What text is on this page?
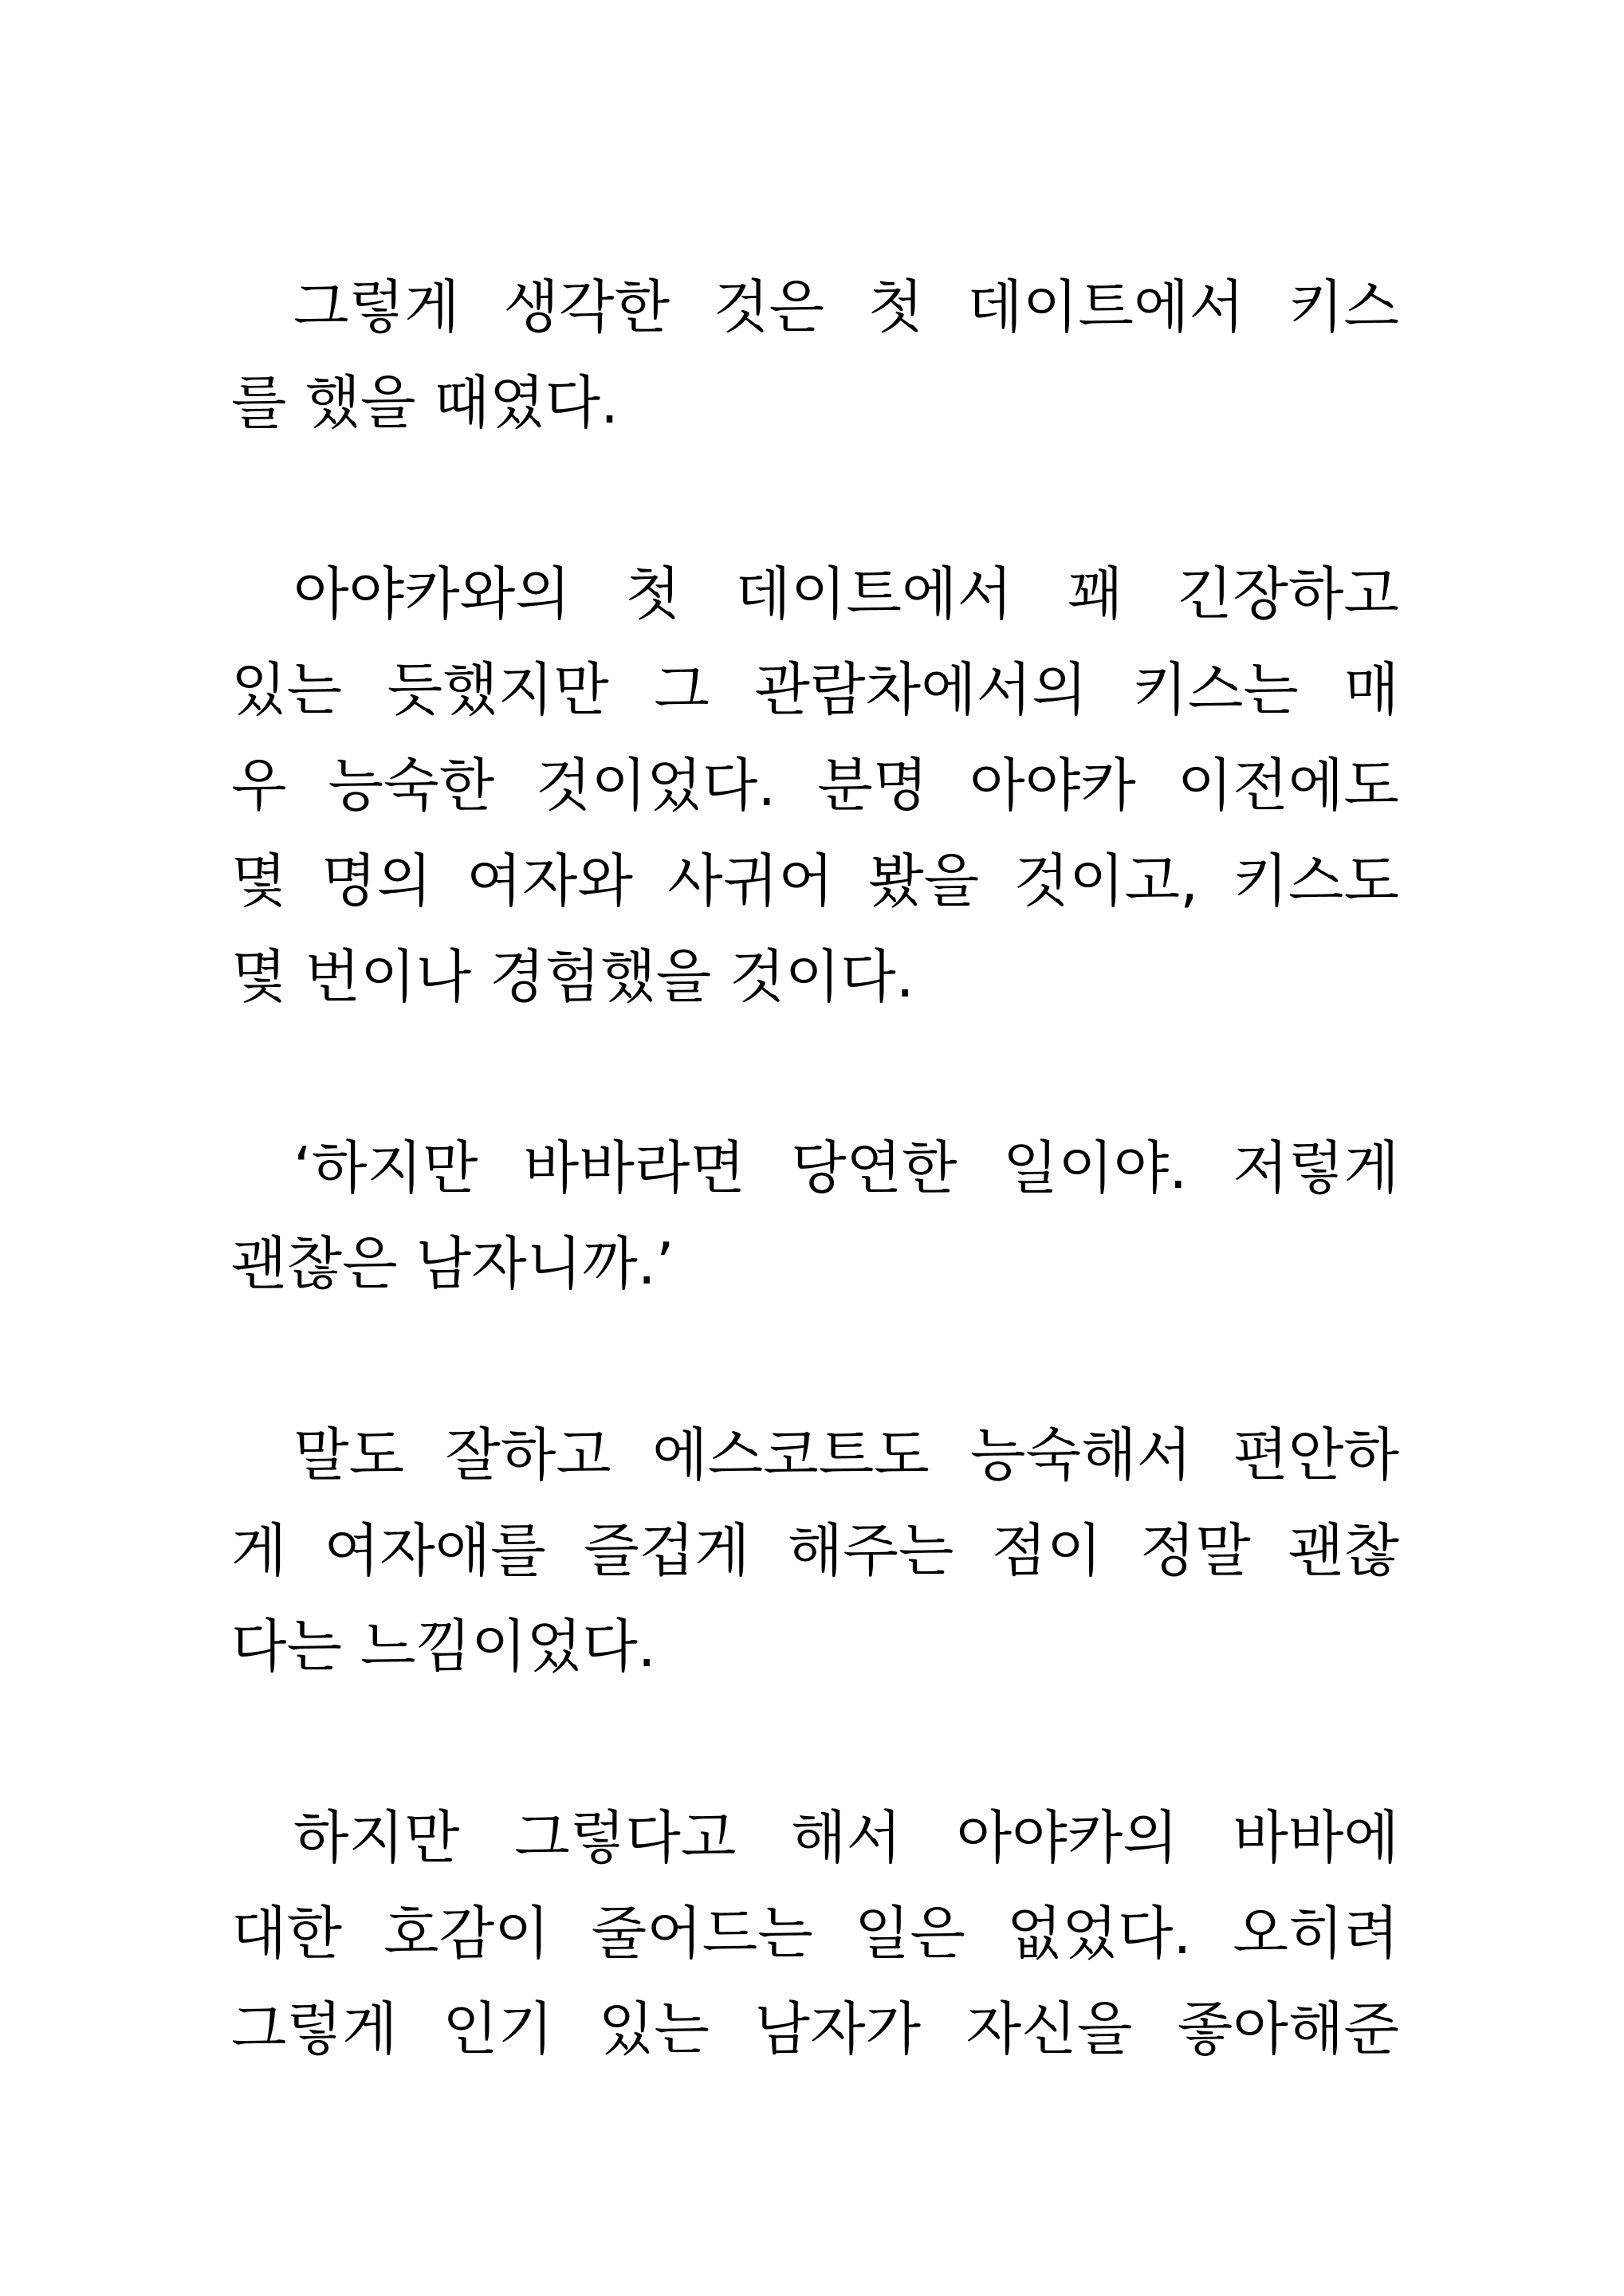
그렇게 생각한 것은 첫 데이트에서 키스
를 했을 때였다.
아야카와의 첫 데이트에서 꽤 긴장하고
있는 듯했지만 그 관람차에서의 키스는 매
우 능숙한 것이었다. 분명 아야카 이전에도
몇 명의 여자와 사귀어 봤을 것이고, 키스도
몇 번이나 경험했을 것이다.
‘하지만 바바라면 당연한 일이야. 저렇게
괜찮은 남자니까.’
말도 잘하고 에스코트도 능숙해서 편안하
게 여자애를 즐겁게 해주는 점이 정말 괜찮
다는 느낌이었다.
하지만 그렇다고 해서 아야카의 바바에
대한 호감이 줄어드는 일은 없었다. 오히려
그렇게 인기 있는 남자가 자신을 좋아해준
